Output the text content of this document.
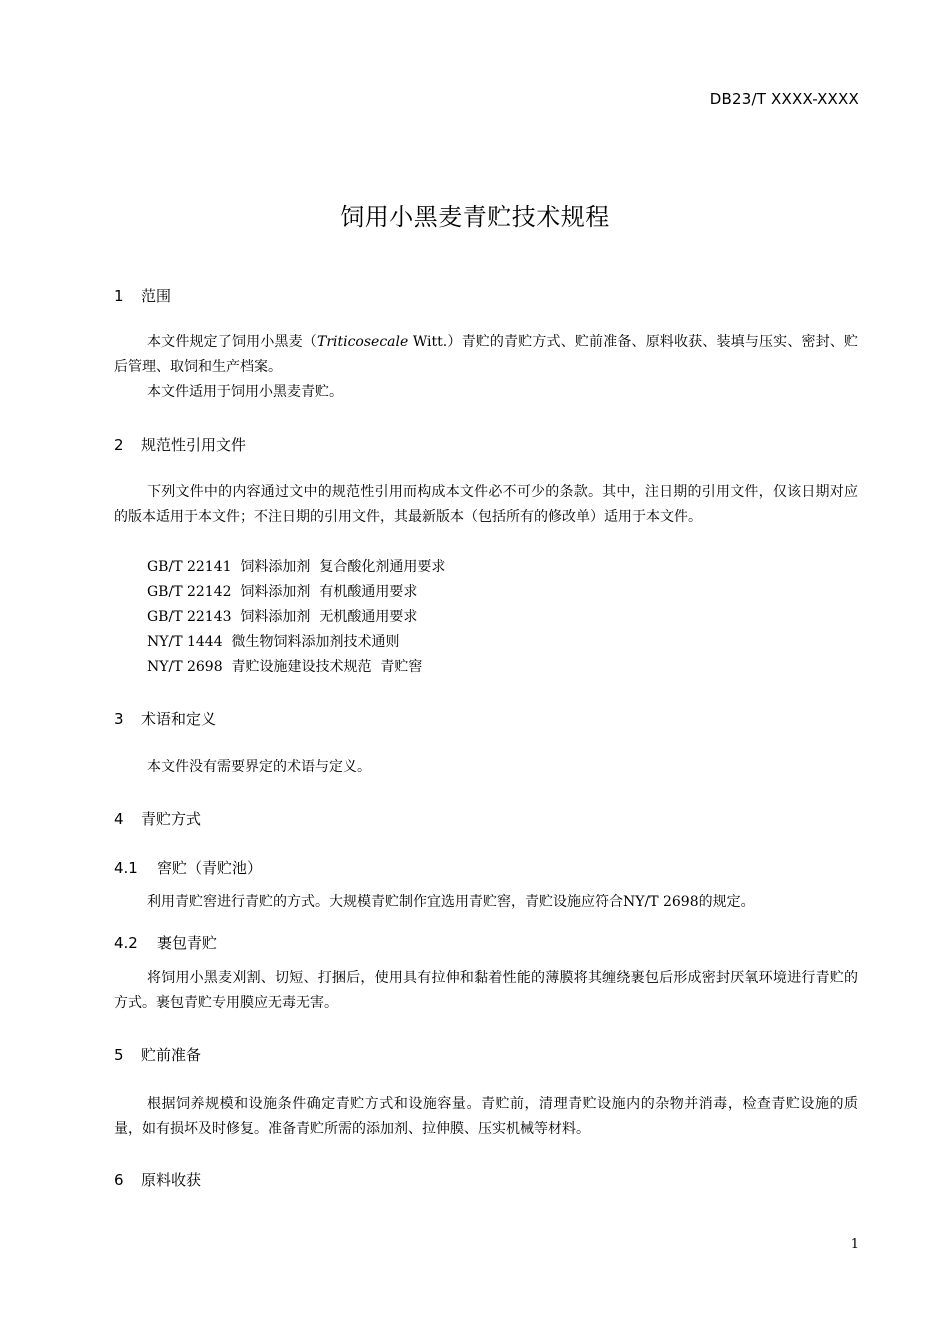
DB23/T XXXX-XXXX
饲用小黑麦青贮技术规程
1 范围
本文件规定了饲用小黑麦（Triticosecale Witt.）青贮的青贮方式、贮前准备、原料收获、装填与压实、密封、贮后管理、取饲和生产档案。
本文件适用于饲用小黑麦青贮。
2 规范性引用文件
下列文件中的内容通过文中的规范性引用而构成本文件必不可少的条款。其中，注日期的引用文件，仅该日期对应的版本适用于本文件；不注日期的引用文件，其最新版本（包括所有的修改单）适用于本文件。
GB/T 22141  饲料添加剂  复合酸化剂通用要求
GB/T 22142  饲料添加剂  有机酸通用要求
GB/T 22143  饲料添加剂  无机酸通用要求
NY/T 1444  微生物饲料添加剂技术通则
NY/T 2698  青贮设施建设技术规范  青贮窖
3 术语和定义
本文件没有需要界定的术语与定义。
4 青贮方式
4.1 窖贮（青贮池）
利用青贮窖进行青贮的方式。大规模青贮制作宜选用青贮窖，青贮设施应符合NY/T 2698的规定。
4.2 裹包青贮
将饲用小黑麦刈割、切短、打捆后，使用具有拉伸和黏着性能的薄膜将其缠绕裹包后形成密封厌氧环境进行青贮的方式。裹包青贮专用膜应无毒无害。
5 贮前准备
根据饲养规模和设施条件确定青贮方式和设施容量。青贮前，清理青贮设施内的杂物并消毒，检查青贮设施的质量，如有损坏及时修复。准备青贮所需的添加剂、拉伸膜、压实机械等材料。
6 原料收获
1
